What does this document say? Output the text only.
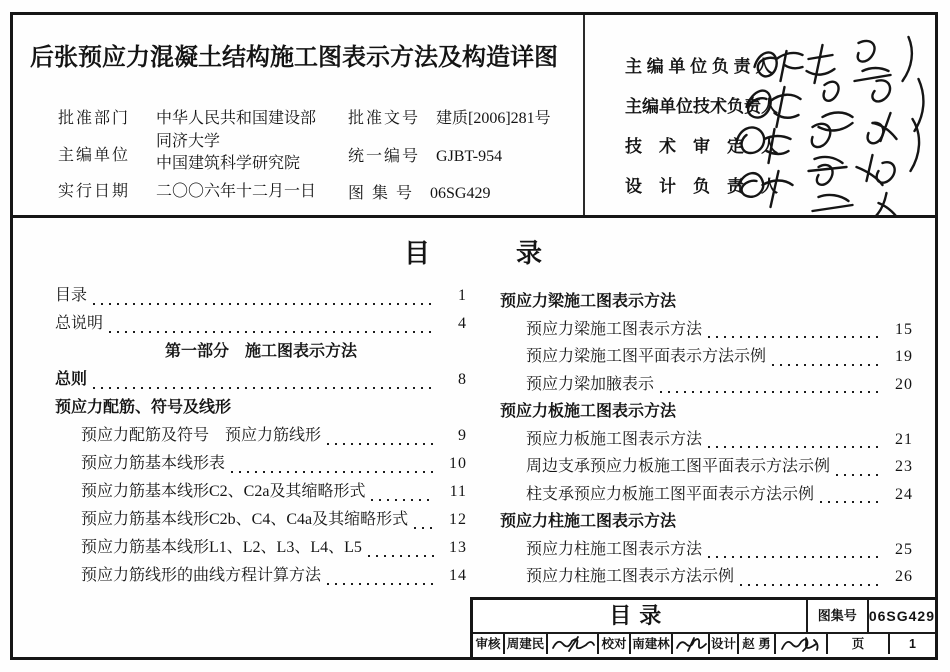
后张预应力混凝土结构施工图表示方法及构造详图
批准部门 中华人民共和国建设部
主编单位
同济大学
中国建筑科学研究院
实行日期 二〇〇六年十二月一日
批准文号 建质[2006]281号
统一编号 GJBT-954
图 集 号 06SG429
主 编 单 位 负 责 人
主编单位技术负责人
技　术　审　定　人
设　计　负　责　人
目　　　录
目录	1
总说明	4
第一部分　施工图表示方法
总则	8
预应力配筋、符号及线形
预应力配筋及符号　预应力筋线形	9
预应力筋基本线形表	10
预应力筋基本线形C2、C2a及其缩略形式	11
预应力筋基本线形C2b、C4、C4a及其缩略形式	12
预应力筋基本线形L1、L2、L3、L4、L5	13
预应力筋线形的曲线方程计算方法	14
预应力梁施工图表示方法
预应力梁施工图表示方法	15
预应力梁施工图平面表示方法示例	19
预应力梁加腋表示	20
预应力板施工图表示方法
预应力板施工图表示方法	21
周边支承预应力板施工图平面表示方法示例	23
柱支承预应力板施工图平面表示方法示例	24
预应力柱施工图表示方法
预应力柱施工图表示方法	25
预应力柱施工图表示方法示例	26
目录	图集号 06SG429
审核 周建民	校对 南建林	设计 赵 勇	页	1
